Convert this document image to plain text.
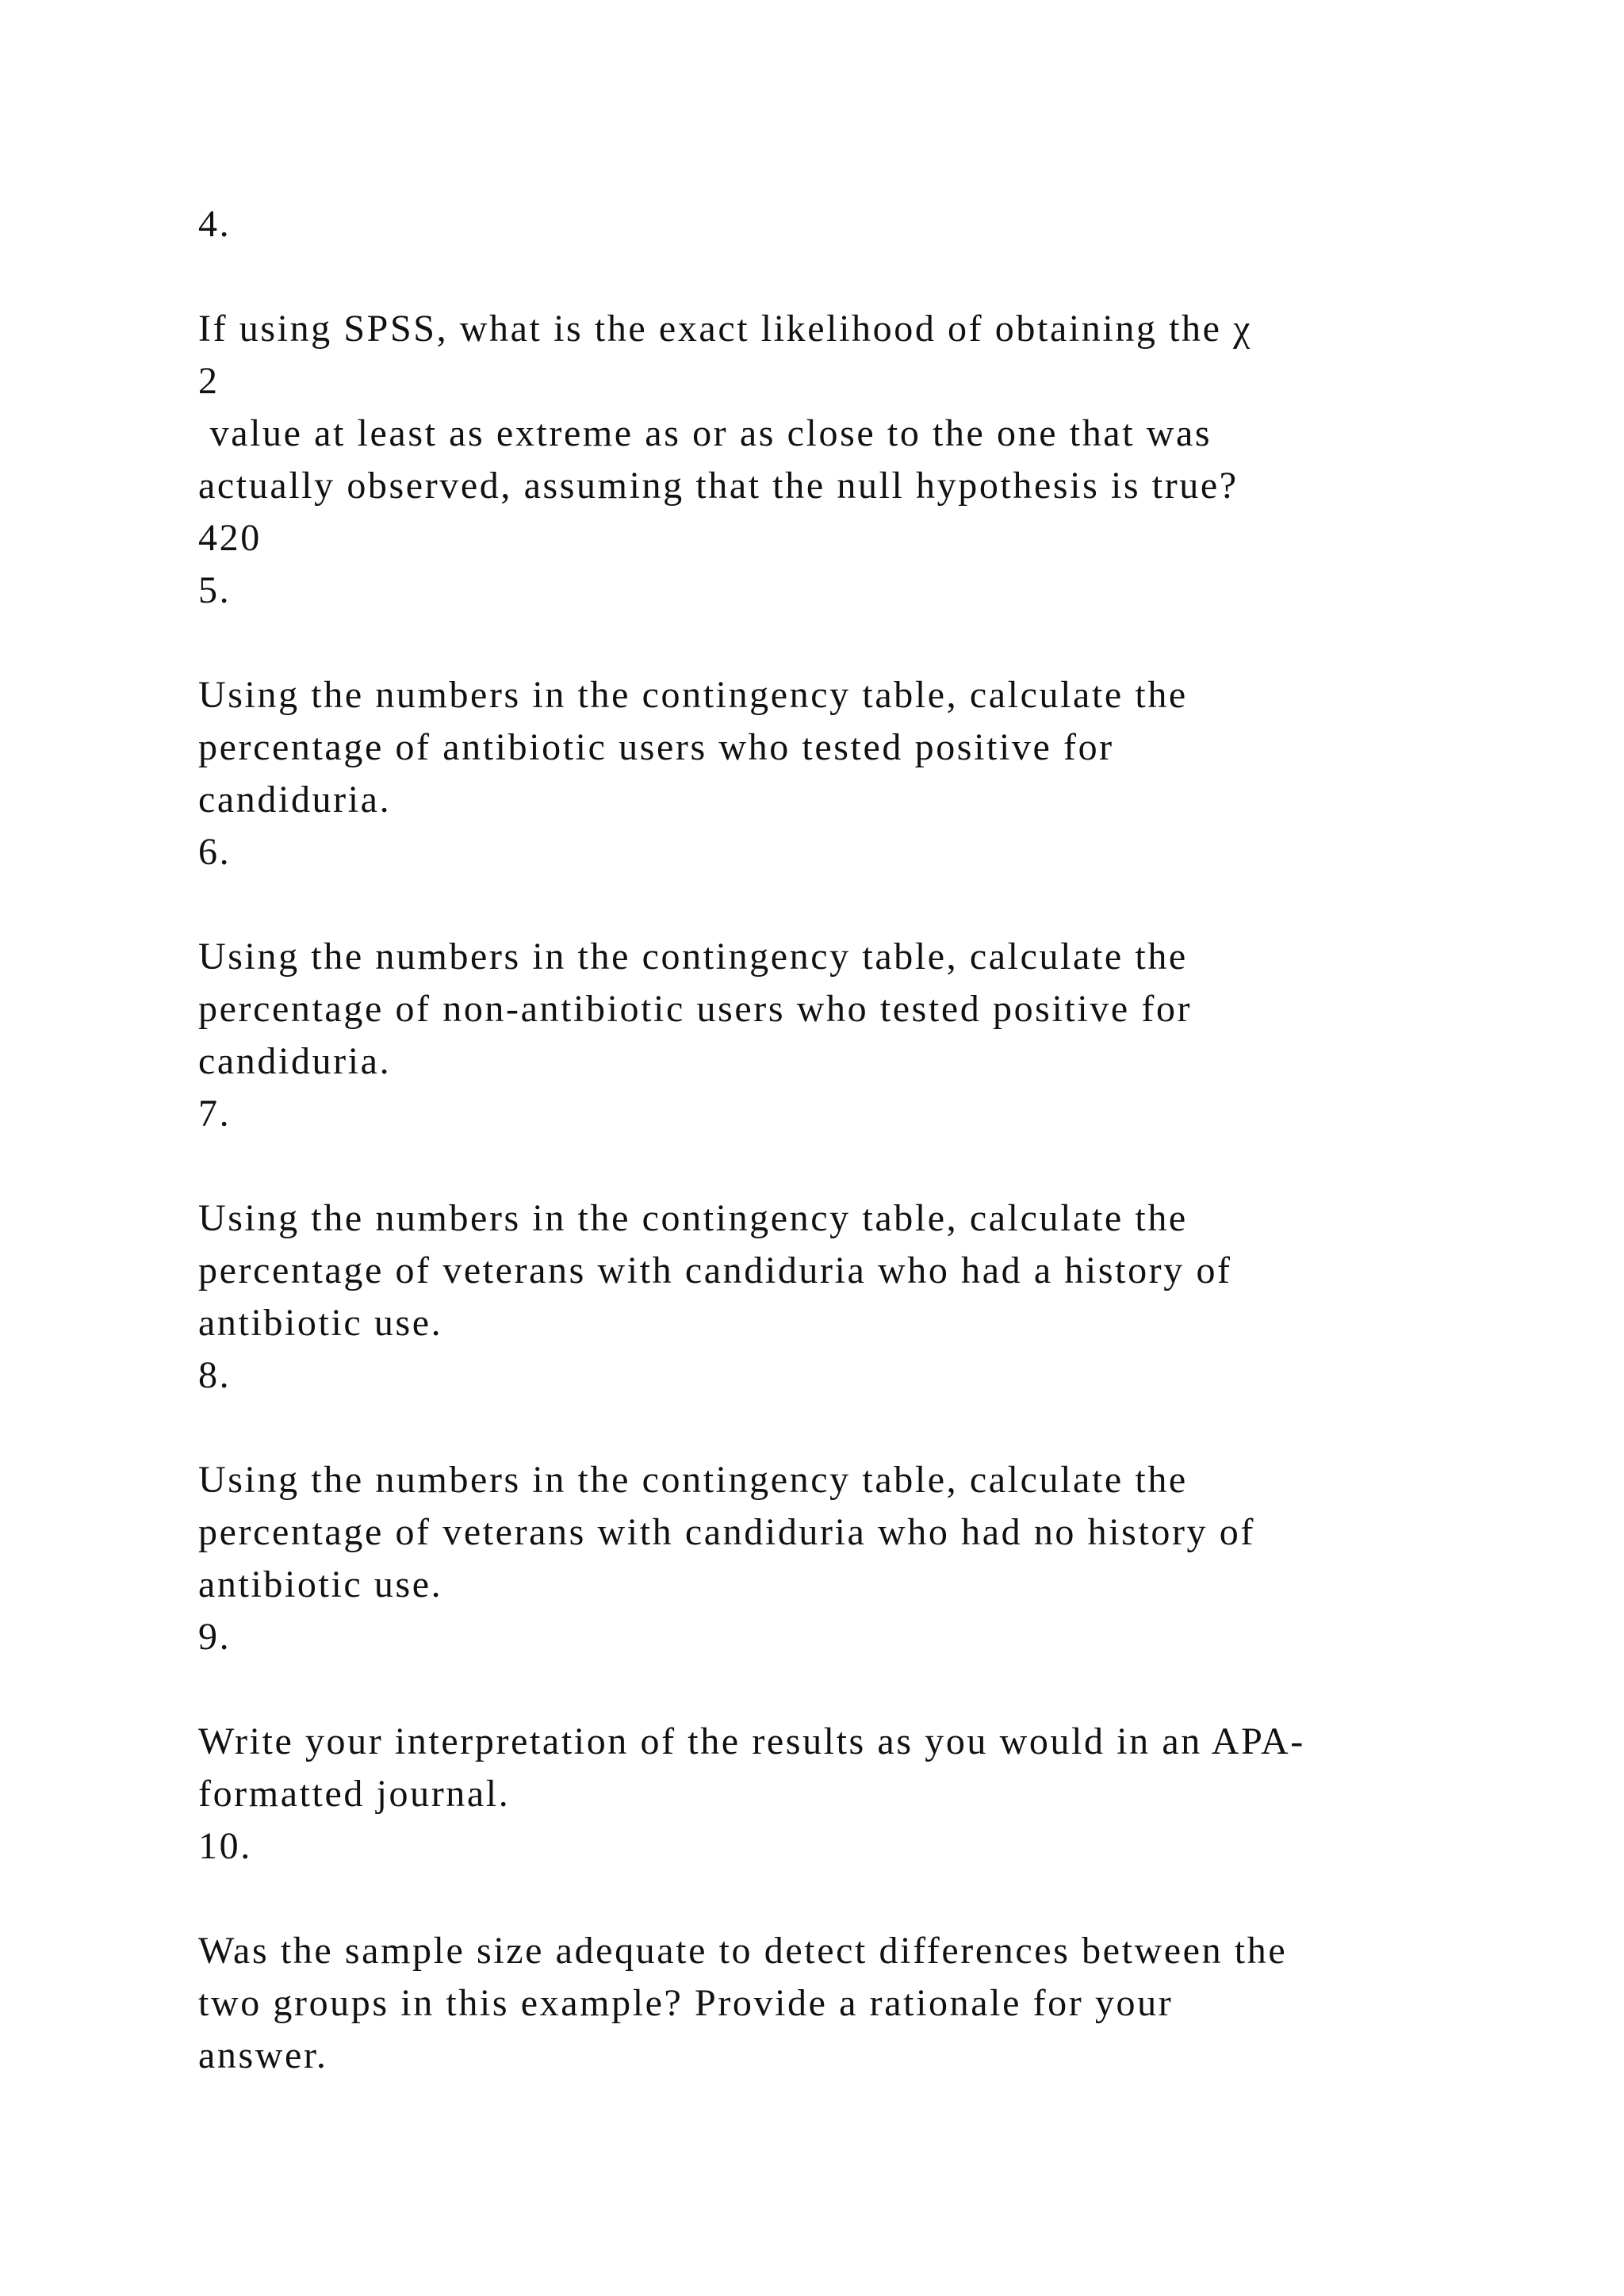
4.

If using SPSS, what is the exact likelihood of obtaining the χ

2

value at least as extreme as or as close to the one that was

actually observed, assuming that the null hypothesis is true?

420

5.

Using the numbers in the contingency table, calculate the

percentage of antibiotic users who tested positive for

candiduria.

6.

Using the numbers in the contingency table, calculate the

percentage of non-antibiotic users who tested positive for

candiduria.

7.

Using the numbers in the contingency table, calculate the

percentage of veterans with candiduria who had a history of

antibiotic use.

8.

Using the numbers in the contingency table, calculate the

percentage of veterans with candiduria who had no history of

antibiotic use.

9.

Write your interpretation of the results as you would in an APA-

formatted journal.

10.

Was the sample size adequate to detect differences between the

two groups in this example? Provide a rationale for your

answer.
